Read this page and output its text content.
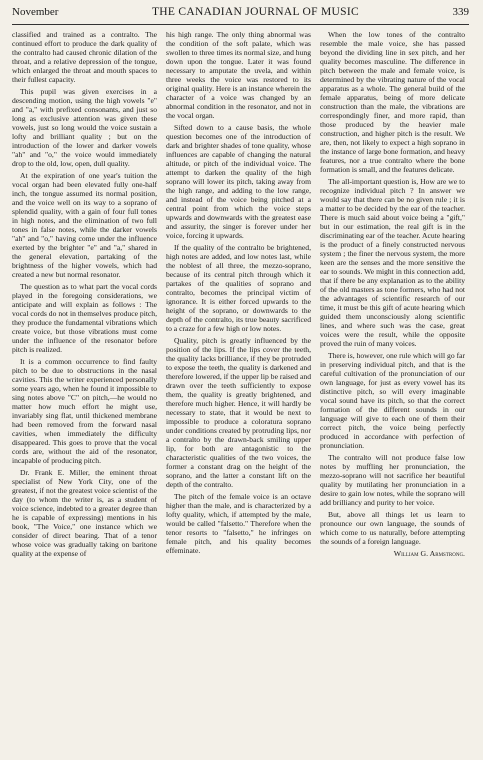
November	THE CANADIAN JOURNAL OF MUSIC	339

classified and trained as a contralto. The continued effort to produce the dark quality of the contralto had caused chronic dilation of the throat, and a relative depression of the tongue, which enlarged the throat and mouth spaces to their fullest capacity.

This pupil was given exercises in a descending motion, using the high vowels "e" and "a," with prefixed consonants, and just so long as exclusive attention was given these vowels, just so long would the voice sustain a lofty and brilliant quality ; but on the introduction of the lower and darker vowels "ah" and "o," the voice would immediately drop to the old, low, open, dull quality.

At the expiration of one year's tuition the vocal organ had been elevated fully one-half inch, the tongue assumed its normal position, and the voice well on its way to a soprano of splendid quality, with a gain of four full tones in high notes, and the elimination of two full tones in false notes, while the darker vowels "ah" and "o," having come under the influence exerted by the brighter "e" and "a," shared in the general elevation, partaking of the brightness of the higher vowels, which had created a new but normal resonator.

The question as to what part the vocal cords played in the foregoing considerations, we anticipate and will explain as follows : The vocal cords do not in themselves produce pitch, they produce the fundamental vibrations which create voice, but those vibrations must come under the influence of the resonator before pitch is realized.

It is a common occurrence to find faulty pitch to be due to obstructions in the nasal cavities. This the writer experienced personally some years ago, when he found it impossible to sing notes above "C" on pitch,—he would no matter how much effort he might use, invariably sing flat, until thickened membrane had been removed from the forward nasal cavities, when immediately the difficulty disappeared. This goes to prove that the vocal cords are, without the aid of the resonator, incapable of producing pitch.

Dr. Frank E. Miller, the eminent throat specialist of New York City, one of the greatest, if not the greatest voice scientist of the day (to whom the writer is, as a student of voice science, indebted to a greater degree than he is capable of expressing) mentions in his book, "The Voice," one instance which we consider of direct bearing. That of a tenor whose voice was gradually taking on baritone quality at the expense of

his high range. The only thing abnormal was the condition of the soft palate, which was swollen to three times its normal size, and hung down upon the tongue. Later it was found necessary to amputate the uvela, and within three weeks the voice was restored to its original quality. Here is an instance wherein the character of a voice was changed by an abnormal condition in the resonator, and not in the vocal organ.

Sifted down to a cause basis, the whole question becomes one of the introduction of dark and brighter shades of tone quality, whose influences are capable of changing the natural altitude, or pitch of the individual voice. The attempt to darken the quality of the high soprano will lower its pitch, taking away from the high range, and adding to the low range, and instead of the voice being pitched at a central point from which the voice steps upwards and downwards with the greatest ease and assurity, the singer is forever under her voice, forcing it upwards.

If the quality of the contralto be brightened, high notes are added, and low notes last, while the noblest of all three, the mezzo-soprano, because of its central pitch through which it partakes of the qualities of soprano and contralto, becomes the principal victim of ignorance. It is either forced upwards to the height of the soprano, or downwards to the depth of the contralto, its true beauty sacrificed to a craze for a few high or low notes.

Quality, pitch is greatly influenced by the position of the lips. If the lips cover the teeth, the quality lacks brilliance, if they be protruded to expose the teeth, the quality is darkened and therefore lowered, if the upper lip be raised and drawn over the teeth sufficiently to expose them, the quality is greatly brightened, and therefore much higher. Hence, it will hardly be necessary to state, that it would be next to impossible to produce a coloratura soprano under conditions created by protruding lips, nor a contralto by the drawn-back smiling upper lip, for both are antagonistic to the characteristic qualities of the two voices, the former a constant drag on the height of the soprano, and the latter a constant lift on the depth of the contralto.

The pitch of the female voice is an octave higher than the male, and is characterized by a lofty quality, which, if attempted by the male, would be called "falsetto." Therefore when the tenor resorts to "falsetto," he infringes on female pitch, and his quality becomes effeminate.

When the low tones of the contralto resemble the male voice, she has passed beyond the dividing line in sex pitch, and her quality becomes masculine. The difference in pitch between the male and female voice, is determined by the vibrating nature of the vocal apparatus as a whole. The general build of the female apparatus, being of more delicate construction than the male, the vibrations are correspondingly finer, and more rapid, than those produced by the heavier male construction, and higher pitch is the result. We are, then, not likely to expect a high soprano in the instance of large bone formation, and heavy features, nor a true contralto where the bone formation is small, and the features delicate.

The all-important question is, How are we to recognize individual pitch ? In answer we would say that there can be no given rule ; it is a matter to be decided by the ear of the teacher. There is much said about voice being a "gift," but in our estimation, the real gift is in the discriminating ear of the teacher. Acute hearing is the product of a finely constructed nervous system ; the finer the nervous system, the more keen are the senses and the more sensitive the ear to sounds. We might in this connection add, that if there be any explanation as to the ability of the old masters as tone formers, who had not the advantages of scientific research of our time, it must be this gift of acute hearing which guided them unconsciously along scientific lines, and where such was the case, great voices were the result, while the opposite proved the ruin of many voices.

There is, however, one rule which will go far in preserving individual pitch, and that is the careful cultivation of the pronunciation of our own language, for just as every vowel has its distinctive pitch, so will every imaginable vocal sound have its pitch, so that the correct formation of the different sounds in our language will give to each one of them their correct pitch, the voice being perfectly produced in accordance with perfection of pronunciation.

The contralto will not produce false low notes by muffling her pronunciation, the mezzo-soprano will not sacrifice her beautiful quality by mutilating her pronunciation in a desire to gain low notes, while the soprano will add brilliancy and purity to her voice.

But, above all things let us learn to pronounce our own language, the sounds of which come to us naturally, before attempting the sounds of a foreign language.

William G. Armstrong.
